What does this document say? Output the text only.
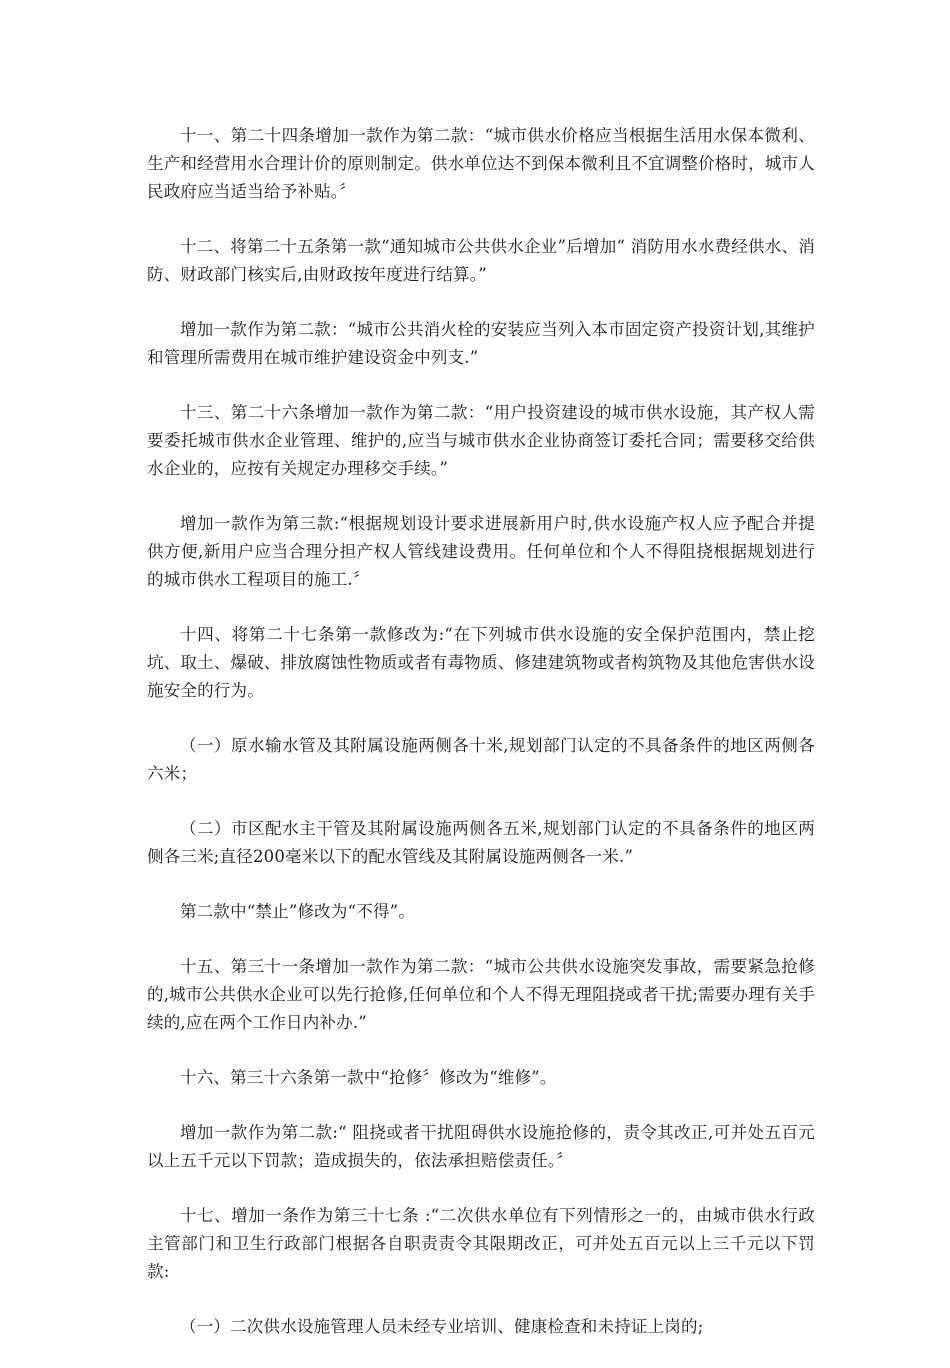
十一、第二十四条增加一款作为第二款：“城市供水价格应当根据生活用水保本微利、生产和经营用水合理计价的原则制定。供水单位达不到保本微利且不宜调整价格时，城市人民政府应当适当给予补贴。〞

十二、将第二十五条第一款“通知城市公共供水企业”后增加“ 消防用水水费经供水、消防、财政部门核实后,由财政按年度进行结算。”

增加一款作为第二款：“城市公共消火栓的安装应当列入本市固定资产投资计划,其维护和管理所需费用在城市维护建设资金中列支.”

十三、第二十六条增加一款作为第二款：“用户投资建设的城市供水设施，其产权人需要委托城市供水企业管理、维护的,应当与城市供水企业协商签订委托合同；需要移交给供水企业的，应按有关规定办理移交手续。”

增加一款作为第三款:“根据规划设计要求进展新用户时,供水设施产权人应予配合并提供方便,新用户应当合理分担产权人管线建设费用。任何单位和个人不得阻挠根据规划进行的城市供水工程项目的施工.〞

十四、将第二十七条第一款修改为:“在下列城市供水设施的安全保护范围内，禁止挖坑、取土、爆破、排放腐蚀性物质或者有毒物质、修建建筑物或者构筑物及其他危害供水设施安全的行为。

（一）原水输水管及其附属设施两侧各十米,规划部门认定的不具备条件的地区两侧各六米；

（二）市区配水主干管及其附属设施两侧各五米,规划部门认定的不具备条件的地区两侧各三米;直径200毫米以下的配水管线及其附属设施两侧各一米.”

第二款中“禁止”修改为“不得”。

十五、第三十一条增加一款作为第二款：“城市公共供水设施突发事故，需要紧急抢修的,城市公共供水企业可以先行抢修,任何单位和个人不得无理阻挠或者干扰;需要办理有关手续的,应在两个工作日内补办.”

十六、第三十六条第一款中“抢修〞修改为“维修”。

增加一款作为第二款:“ 阻挠或者干扰阻碍供水设施抢修的，责令其改正,可并处五百元以上五千元以下罚款；造成损失的，依法承担赔偿责任。〞

十七、增加一条作为第三十七条 :“二次供水单位有下列情形之一的，由城市供水行政主管部门和卫生行政部门根据各自职责责令其限期改正，可并处五百元以上三千元以下罚款:

（一）二次供水设施管理人员未经专业培训、健康检查和未持证上岗的;
